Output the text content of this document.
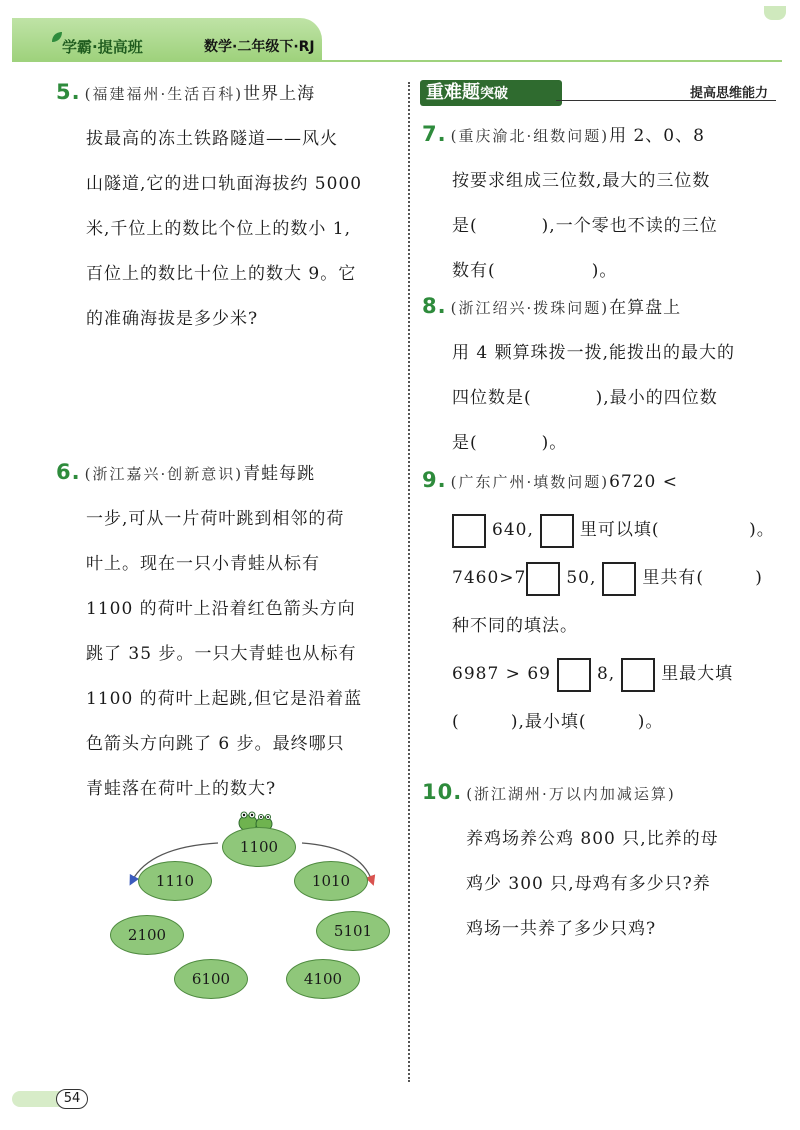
学霸·提高班	数学·二年级下·RJ
重难题突破	提高思维能力
5. (福建福州·生活百科)世界上海
拔最高的冻土铁路隧道——风火
山隧道,它的进口轨面海拔约 5000
米,千位上的数比个位上的数小 1,
百位上的数比十位上的数大 9。它
的准确海拔是多少米?
6. (浙江嘉兴·创新意识)青蛙每跳
一步,可从一片荷叶跳到相邻的荷
叶上。现在一只小青蛙从标有
1100 的荷叶上沿着红色箭头方向
跳了 35 步。一只大青蛙也从标有
1100 的荷叶上起跳,但它是沿着蓝
色箭头方向跳了 6 步。最终哪只
青蛙落在荷叶上的数大?
1100
1110	1010
2100	5101
6100	4100
7. (重庆渝北·组数问题)用 2、0、8
按要求组成三位数,最大的三位数
是(          ),一个零也不读的三位
数有(               )。
8. (浙江绍兴·拨珠问题)在算盘上
用 4 颗算珠拨一拨,能拨出的最大的
四位数是(          ),最小的四位数
是(          )。
9. (广东广州·填数问题)6720 <
640,	里可以填(              )。
7460>7 50,	里共有(        )
种不同的填法。
6987 > 69	8,	里最大填
(        ),最小填(        )。
10. (浙江湖州·万以内加减运算)
养鸡场养公鸡 800 只,比养的母
鸡少 300 只,母鸡有多少只?养
鸡场一共养了多少只鸡?
54
